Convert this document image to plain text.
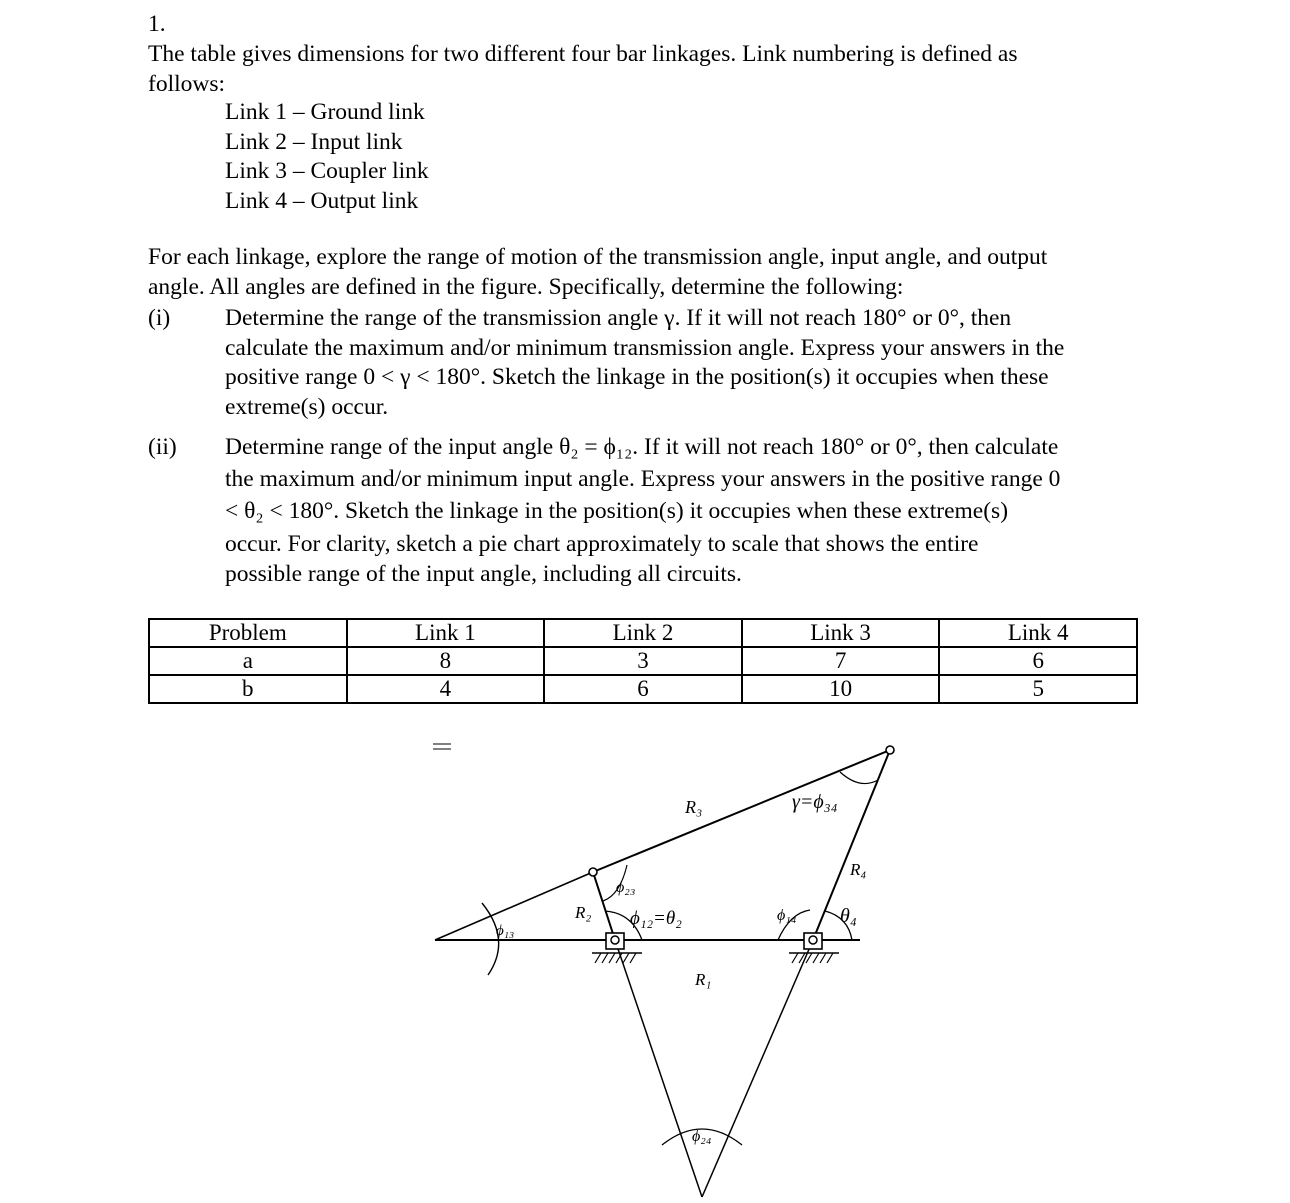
1.
The table gives dimensions for two different four bar linkages. Link numbering is defined as
follows:
Link 1 – Ground link
Link 2 – Input link
Link 3 – Coupler link
Link 4 – Output link
For each linkage, explore the range of motion of the transmission angle, input angle, and output
angle. All angles are defined in the figure. Specifically, determine the following:
(i) Determine the range of the transmission angle γ. If it will not reach 180° or 0°, then
calculate the maximum and/or minimum transmission angle. Express your answers in the
positive range 0 < γ < 180°. Sketch the linkage in the position(s) it occupies when these
extreme(s) occur.
(ii) Determine range of the input angle θ₂ = ϕ₁₂. If it will not reach 180° or 0°, then calculate
the maximum and/or minimum input angle. Express your answers in the positive range 0
< θ₂ < 180°. Sketch the linkage in the position(s) it occupies when these extreme(s)
occur. For clarity, sketch a pie chart approximately to scale that shows the entire
possible range of the input angle, including all circuits.
Problem	Link 1	Link 2	Link 3	Link 4
a	8	3	7	6
b	4	6	10	5
R₃	γ=ϕ₃₄
R₄
ϕ₂₃
R₂ ϕ₁₂=θ₂	ϕ₁₄ θ₄
ϕ₁₃
R₁
ϕ₂₄
